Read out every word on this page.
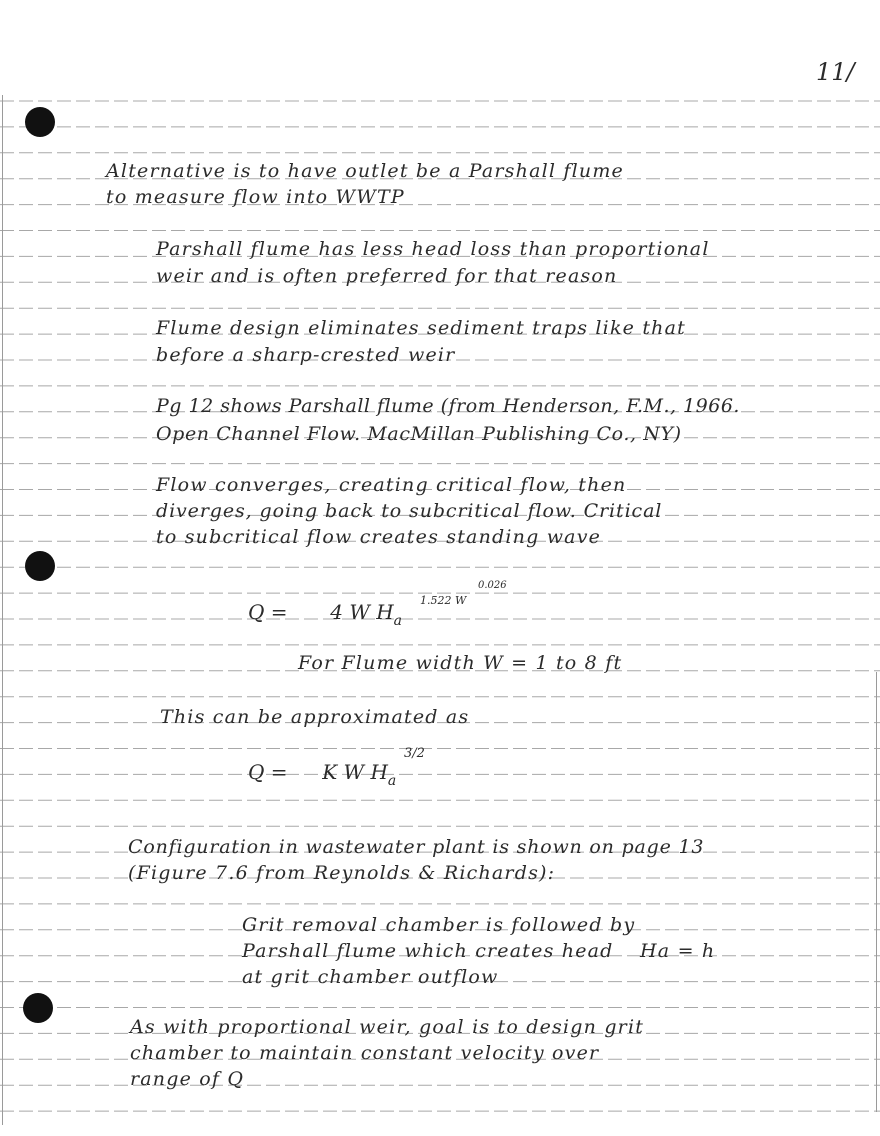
11/
Alternative is to have outlet be a Parshall flume
to measure flow into WWTP
Parshall flume has less head loss than proportional
weir and is often preferred for that reason
Flume design eliminates sediment traps like that
before a sharp-crested weir
Pg 12 shows Parshall flume (from Henderson, F.M., 1966.
Open Channel Flow. MacMillan Publishing Co., NY)
Flow converges, creating critical flow, then
diverges, going back to subcritical flow. Critical
to subcritical flow creates standing wave
Q = 4 W $H_a$
1.522 W
0.026
For Flume width W = 1 to 8 ft
This can be approximated as
Q = K W $H_a$
3/2
Configuration in wastewater plant is shown on page 13
(Figure 7.6 from Reynolds & Richards):
Grit removal chamber is followed by
Parshall flume which creates head Ha = h
at grit chamber outflow
As with proportional weir, goal is to design grit
chamber to maintain constant velocity over
range of Q
